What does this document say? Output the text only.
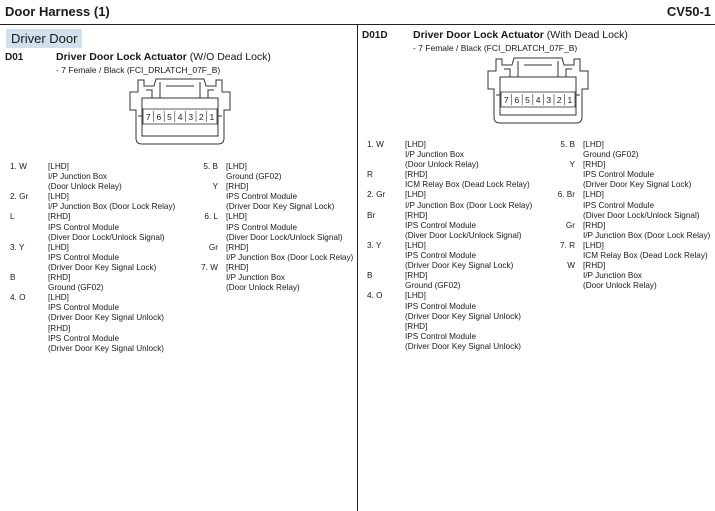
Door Harness (1)	CV50-1
Driver Door
D01	Driver Door Lock Actuator (W/O Dead Lock)
- 7 Female / Black (FCI_DRLATCH_07F_B)
7 6 5 4 3 2 1
1. W	[LHD]
I/P Junction Box
(Door Unlock Relay)
2. Gr [LHD]
I/P Junction Box (Door Lock Relay)
L	[RHD]
IPS Control Module
(Diver Door Lock/Unlock Signal)
3. Y	[LHD]
IPS Control Module
(Driver Door Key Signal Lock)
B	[RHD]
Ground (GF02)
4. O	[LHD]
IPS Control Module
(Driver Door Key Signal Unlock)
[RHD]
IPS Control Module
(Driver Door Key Signal Unlock)
5. B [LHD]
Ground (GF02)
Y [RHD]
IPS Control Module
(Driver Door Key Signal Lock)
6. L [LHD]
IPS Control Module
(Diver Door Lock/Unlock Signal)
Gr [RHD]
I/P Junction Box (Door Lock Relay)
7. W [RHD]
I/P Junction Box
(Door Unlock Relay)
D01D Driver Door Lock Actuator (With Dead Lock)
- 7 Female / Black (FCI_DRLATCH_07F_B)
7 6 5 4 3 2 1
1. W	[LHD]
I/P Junction Box
(Door Unlock Relay)
R	[RHD]
ICM Relay Box (Dead Lock Relay)
2. Gr [LHD]
I/P Junction Box (Door Lock Relay)
Br	[RHD]
IPS Control Module
(Diver Door Lock/Unlock Signal)
3. Y	[LHD]
IPS Control Module
(Driver Door Key Signal Lock)
B	[RHD]
Ground (GF02)
4. O	[LHD]
IPS Control Module
(Driver Door Key Signal Unlock)
[RHD]
IPS Control Module
(Driver Door Key Signal Unlock)
5. B [LHD]
Ground (GF02)
Y [RHD]
IPS Control Module
(Driver Door Key Signal Lock)
6. Br [LHD]
IPS Control Module
(Diver Door Lock/Unlock Signal)
Gr [RHD]
I/P Junction Box (Door Lock Relay)
7. R [LHD]
ICM Relay Box (Dead Lock Relay)
W [RHD]
I/P Junction Box
(Door Unlock Relay)
